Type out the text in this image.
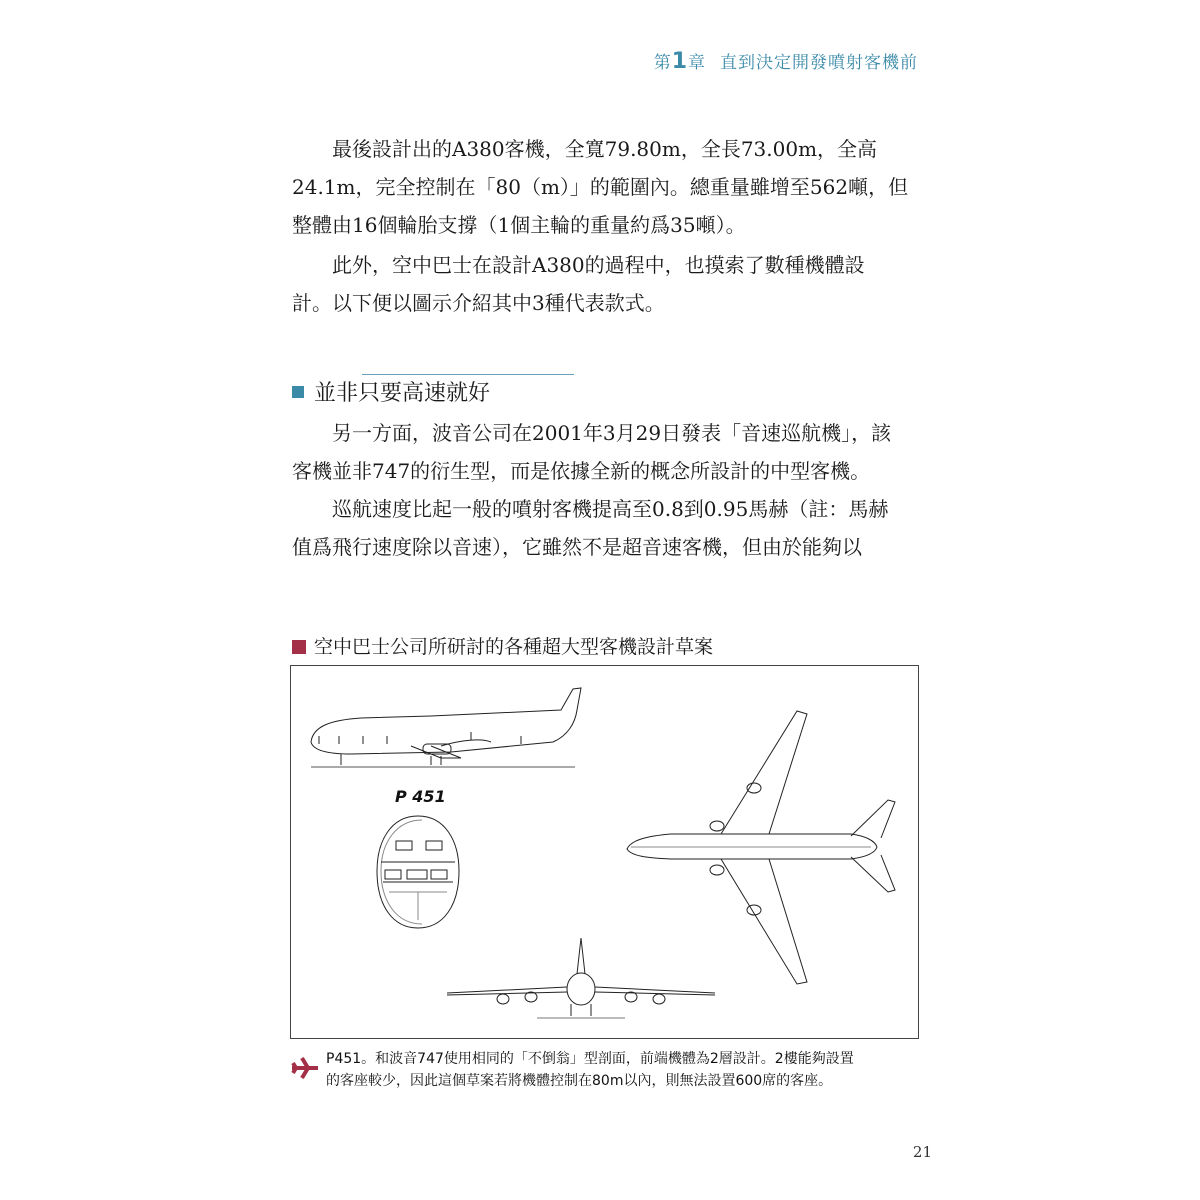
第1章 直到決定開發噴射客機前
最後設計出的A380客機，全寬79.80m，全長73.00m，全高
24.1m，完全控制在「80（m）」的範圍內。總重量雖增至562噸，但
整體由16個輪胎支撐（1個主輪的重量約爲35噸）。
此外，空中巴士在設計A380的過程中，也摸索了數種機體設
計。以下便以圖示介紹其中3種代表款式。
並非只要高速就好
另一方面，波音公司在2001年3月29日發表「音速巡航機」，該
客機並非747的衍生型，而是依據全新的概念所設計的中型客機。
巡航速度比起一般的噴射客機提高至0.8到0.95馬赫（註：馬赫
值爲飛行速度除以音速），它雖然不是超音速客機，但由於能夠以
空中巴士公司所研討的各種超大型客機設計草案
P 451
P451。和波音747使用相同的「不倒翁」型剖面，前端機體為2層設計。2樓能夠設置
的客座較少，因此這個草案若將機體控制在80m以內，則無法設置600席的客座。
21
